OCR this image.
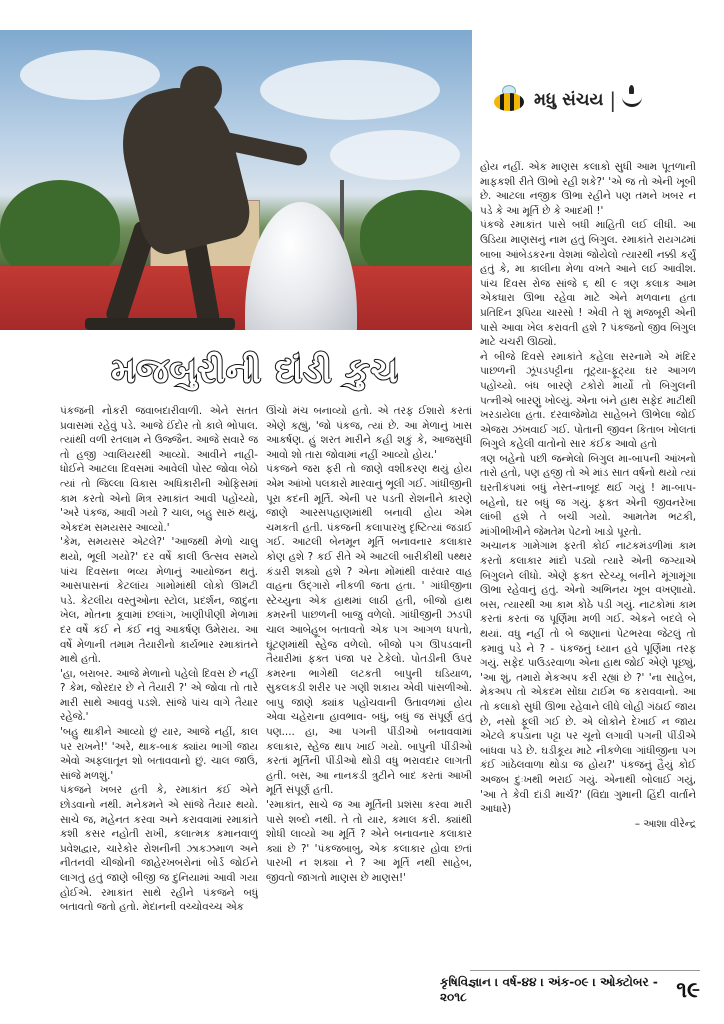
મધુ સંચય |
મજબુરીની દાંડી કુચ

પંકજની નોકરી જવાબદારીવાળી. એને સતત પ્રવાસમાં રહેવું પડે. આજે ઈંદોર તો કાલે ભોપાલ. ત્યાંથી વળી રતલામ ને ઉજ્જૈન. આજે સવારે જ તો હજી ગ્વાલિયરથી આવ્યો. આવીને નાહી-ધોઈને આટલા દિવસમાં આવેલી પોસ્ટ જોવા બેઠો ત્યાં તો જિલ્લા વિકાસ અધિકારીની ઓફિસમાં કામ કરતો એનો મિત્ર રમાકાંત આવી પહોંચ્યો, 'અરે પંકજ, આવી ગયો ? ચાલ, બહુ સારું થયું, એકદમ સમયસર આવ્યો.'

'કેમ, સમયસર એટલે?' 'આજથી મેળો ચાલુ થયો, ભૂલી ગયો?' દર વર્ષે કાલી ઉત્સવ સમયે પાંચ દિવસના ભવ્ય મેળાનું આયોજન થતું. આસપાસનાં કેટલાંય ગામોમાંથી લોકો ઊમટી પડે. કેટલીય વસ્તુઓના સ્ટોલ, પ્રદર્શન, જાદુના ખેલ, મોતના કૂવામાં છલાંગ, ખાણીપીણી મેળામાં દર વર્ષે કંઈ ને કંઈ નવું આકર્ષણ ઉમેરાય. આ વર્ષે મેળાની તમામ તૈયારીનો કાર્યભાર રમાકાંતને માથે હતો.

'હા, બરાબર. આજે મેળાનો પહેલો દિવસ છે નહીં ? કેમ, જોરદાર છે ને તૈયારી ?' એ જોવા તો તારે મારી સાથે આવવું પડશે. સાંજે પાંચ વાગે તૈયાર રહેજે.'

'બહુ થાકીને આવ્યો છું યાર, આજે નહીં, કાલ પર રાખને!' 'અરે, થાક-બાક ક્યાંય ભાગી જાય એવો અફલાતૂન શો બતાવવાનો છું. ચાલ જાઉં, સાંજે મળશું.'

પંકજને ખબર હતી કે, રમાકાંત કંઈ એને છોડવાનો નથી. મનેકમને એ સાંજે તૈયાર થયો. સાચે જ, મહેનત કરવા અને કરાવવામાં રમાકાંતે કશી કસર નહોતી રાખી, કલાત્મક કમાનવાળું પ્રવેશદ્વાર, ચારેકોર રોશનીની ઝાકઝમાળ અને નીતનવી ચીજોની જાહેરખબરોનાં બોર્ડ જોઈને લાગતું હતું જાણે બીજી જ દુનિયામાં આવી ગયા હોઈએ. રમાકાંત સાથે રહીને પંકજને બધું બતાવતો જતો હતો. મેદાનની વચ્ચોવચ્ચ એક

ઊંચો મંચ બનાવ્યો હતો. એ તરફ ઈશારો કરતાં એણે કહ્યું, 'જો પંકજ, ત્યાં છે. આ મેળાનું ખાસ આકર્ષણ. હું શરત મારીને કહી શકું કે, આજસુધી આવો શો તારા જોવામાં નહીં આવ્યો હોય.'

પંકજને જરા ફરી તો જાણે વશીકરણ થયું હોય એમ આંખો પલકારો મારવાનું ભૂલી ગઈ. ગાંધીજીની પૂરા કદની મૂર્તિ. એની પર પડતી રોશનીને કારણે જાણે આરસપહાણમાંથી બનાવી હોય એમ ચમકતી હતી. પંકજની કલાપારખુ દૃષ્ટિત્યાં જડાઈ ગઈ. આટલી બેનમૂન મૂર્તિ બનાવનાર કલાકાર કોણ હશે ? કઈ રીતે એ આટલી બારીકીથી પથ્થર કંડારી શક્યો હશે ? એના મોંમાંથી વારંવાર વાહ વાહના ઉદ્ગારો નીકળી જતા હતા. ' ગાંધીજીના સ્ટેચ્યુના એક હાથમાં લાઠી હતી, બીજો હાથ કમરની પાછળની બાજુ વળેલો. ગાંધીજીની ઝડપી ચાલ આબેહૂબ બતાવતો એક પગ આગળ ધપતો, ઘૂંટણમાંથી સ્હેજ વળેલો. બીજો પગ ઊપડવાની તૈયારીમાં ફક્ત પંજા પર ટેકેલો. પોતડીની ઉપર કમરના ભાગેથી લટકતી બાપુની ઘડિયાળ, સુકલકડી શરીર પર ગણી શકાય એવી પાંસળીઓ. બાપુ જાણે ક્યાંક પહોંચવાની ઉતાવળમાં હોય એવા ચહેરાના હાવભાવ- બધું, બધું જ સંપૂર્ણ હતું પણ.... હા, આ પગની પીંડીઓ બનાવવામાં કલાકાર, સ્હેજ થાપ ખાઈ ગયો. બાપુની પીંડીઓ કરતાં મૂર્તિની પીંડીઓ થોડી વધુ ભરાવદાર લાગતી હતી. બસ, આ નાનકડી ત્રુટીને બાદ કરતાં આખી મૂર્તિ સંપૂર્ણ હતી.

'રમાકાંત, સાચે જ આ મૂર્તિની પ્રશંસા કરવા મારી પાસે શબ્દો નથી. તે તો યાર, કમાલ કરી. ક્યાંથી શોધી લાવ્યો આ મૂર્તિ ? એને બનાવનાર કલાકાર ક્યાં છે ?' 'પંકજબાબુ, એક કલાકાર હોવા છતાં પારખી ન શક્યા ને ? આ મૂર્તિ નથી સાહેબ, જીવતો જાગતો માણસ છે માણસ!'

હોય નહીં. એક માણસ કલાકો સુધી આમ પૂતળાની માફકશી રીતે ઊભો રહી શકે?' 'એ જ તો એની ખૂબી છે. આટલા નજીક ઊભા રહીને પણ તમને ખબર ન પડે કે આ મૂર્તિ છે કે આદમી !'

પંકજે રમાકાંત પાસે બધી માહિતી લઈ લીધી. આ ઉડિયા માણસનું નામ હતું બિગુલ. રમાકાંતે રાયગઢમાં બાબા આંબેડકરના વેશમાં જોયેલો ત્યારથી નક્કી કર્યું હતું કે, મા કાલીના મેળા વખતે આને લઈ આવીશ. પાંચ દિવસ રોજ સાંજે ૬ થી ૯ ત્રણ કલાક આમ એકધારા ઊભા રહેવા માટે એને મળવાના હતા પ્રતિદિન રૂપિયા ચારસો ! એવી તે શું મજબૂરી એની પાસે આવા ખેલ કરાવતી હશે ? પંકજનો જીવ બિગુલ માટે ચચરી ઊઠ્યો.

ને બીજે દિવસે રમાકાંતે કહેલા સરનામે એ મંદિર પાછળની ઝૂંપડપટ્ટીના તૂટ્યા-ફૂટ્યા ઘર આગળ પહોંચ્યો. બંધ બારણે ટકોરો માર્યો તો બિગુલની પત્નીએ બારણું ખોલ્યું. એના બંને હાથ સફેદ માટીથી ખરડાયેલા હતા. દરવાજેમોઢા સાહેબને ઊભેલા જોઈ એજરા ઝંખવાઈ ગઈ. પોતાની જીવન કિતાબ ખોલતાં બિગુલે કહેલી વાતોનો સાર કંઈક આવો હતો

ત્રણ બહેનો પછી જન્મેલો બિગુલ મા-બાપની આંખનો તારો હતો, પણ હજી તો એ માંડ સાત વર્ષનો થયો ત્યાં ઘરતીકંપમાં બધું નેસ્ત-નાબૂદ થઈ ગયું ! મા-બાપ-બહેનો, ઘર બધું જ ગયું. ફક્ત એની જીવનરેખા લાંબી હશે તે બચી ગયો. આમતેમ ભટકી, માંગીભીખીને જેમતેમ પેટનો ખાડો પૂરતો.

અચાનક ગામેગામ ફરતી કોઈ નાટકમંડળીમાં કામ કરતો કલાકાર માંદો પડ્યો ત્યારે એની જગ્યાએ બિગુલને લીધો. એણે ફક્ત સ્ટેચ્યૂ બનીને મૂંગામૂંગા ઊભા રહેવાનું હતું. એનો અભિનય ખૂબ વખણાયો. બસ, ત્યારથી આ કામ કોઠે પડી ગયું. નાટકોમાં કામ કરતાં કરતાં જ પૂર્ણિમા મળી ગઈ. એકને બદલે બે થયાં. વધુ નહીં તો બે જણાનાં પેટભરવા જેટલું તો કમાવું પડે ને ? - પંકજનું ધ્યાન હવે પૂર્ણિમા તરફ ગયું. સફેદ પાઉડરવાળા એના હાથ જોઈ એણે પૂછ્યું, 'આ શું, તમારો મેકઅપ કરી રહ્યાં છે ?' 'ના સાહેબ, મેકઅપ તો એકદમ સોંઘા ટાઈમ જ કરાવવાનો. આ તો કલાકો સુધી ઊભા રહેવાને લીધે લોહી ગંઠાઈ જાય છે, નસો ફૂલી ગઈ છે. એ લોકોને દેખાઈ ન જાય એટલે કપડાના પટ્ટા પર ચૂનો લગાવી પગની પીંડીએ બાંધવા પડે છે. ઘડીકૂય માટે નીકળેલા ગાંધીજીના પગ કંઈ ગાંઠેલવાળા થોડા જ હોય?' પંકજનું હૈયું કોઈ અજબ દુઃખથી ભરાઈ ગયું. એનાથી બોલાઈ ગયું, 'આ તે કેવી દાંડી માર્ચ?' (વિદ્યા ગુમાની હિંદી વાર્તાને આધારે)

– આશા વીરેન્દ્ર

કૃષિવિજ્ઞાન । વર્ષ-૪૪ । અંક-૦૯ । ઓક્ટોબર - ૨૦૧૮	૧૯
